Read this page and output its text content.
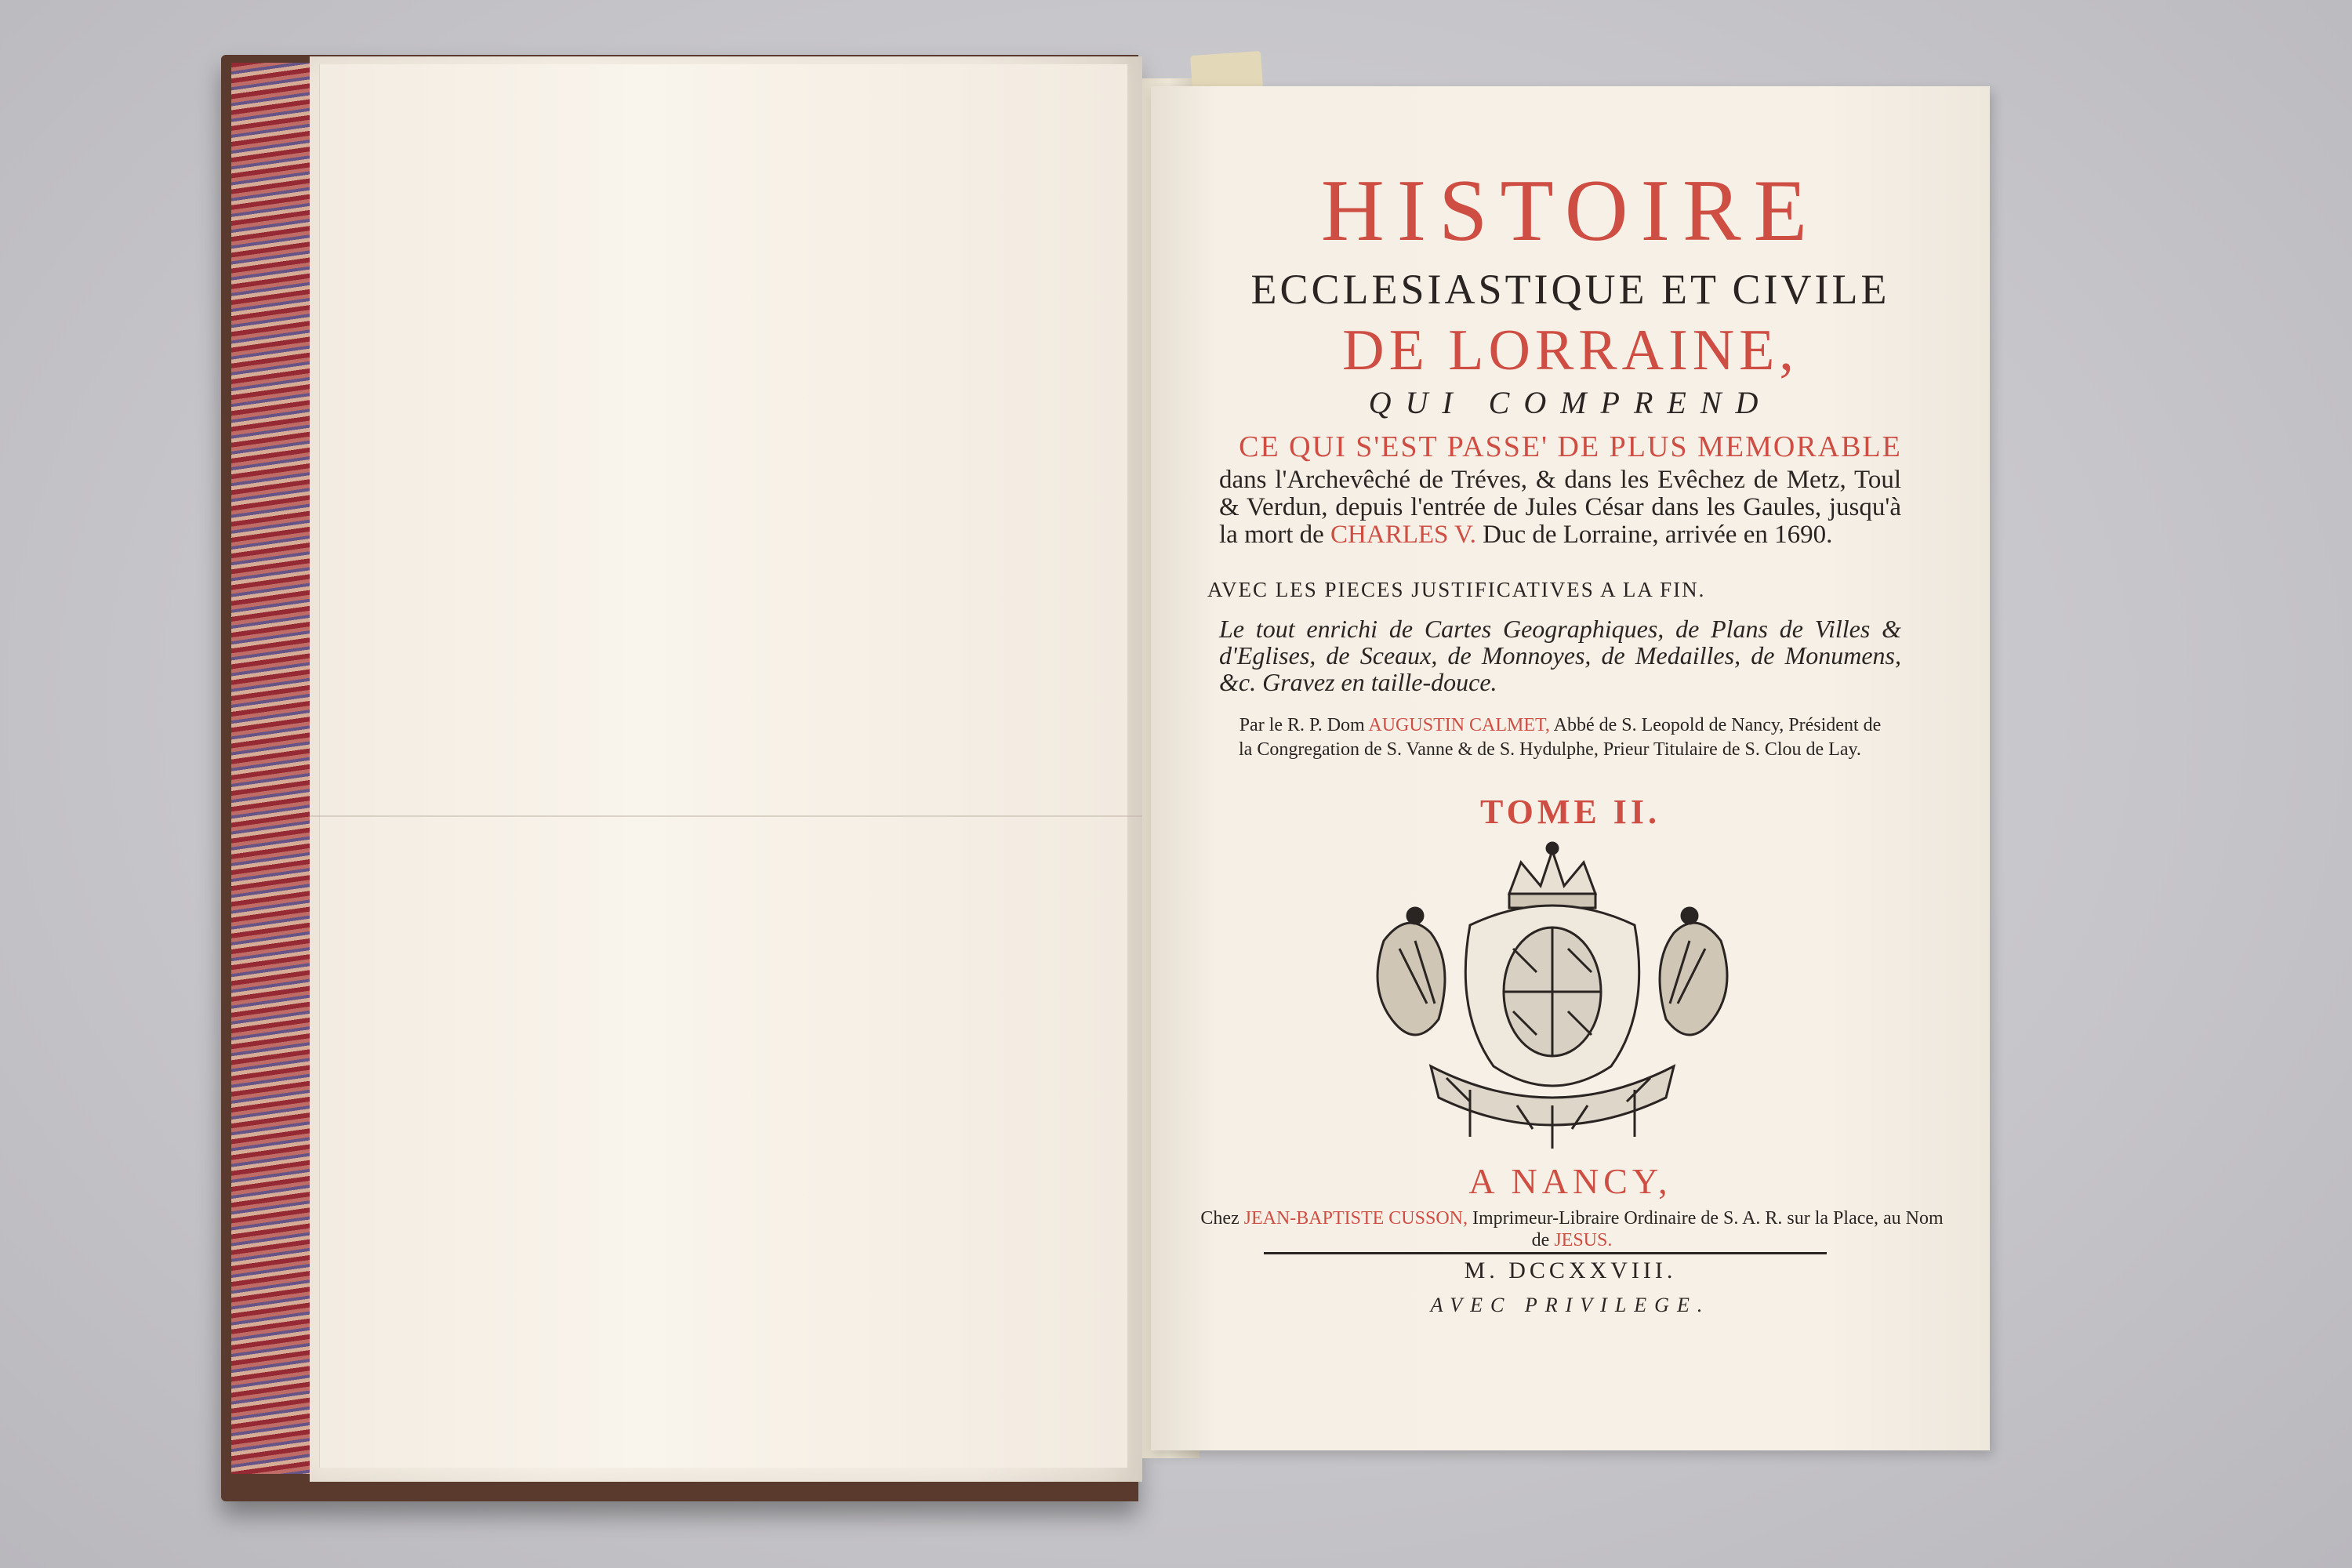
HISTOIRE

ECCLESIASTIQUE ET CIVILE

DE LORRAINE,

QUI COMPREND

CE QUI S'EST PASSE' DE PLUS MEMORABLE

dans l'Archevêché de Tréves, & dans les Evêchez de Metz, Toul & Verdun, depuis l'entrée de Jules César dans les Gaules, jusqu'à la mort de CHARLES V. Duc de Lorraine, arrivée en 1690.
AVEC LES PIECES JUSTIFICATIVES A LA FIN.
Le tout enrichi de Cartes Geographiques, de Plans de Villes & d'Eglises, de Sceaux, de Monnoyes, de Medailles, de Monumens, &c. Gravez en taille-douce.
Par le R. P. Dom AUGUSTIN CALMET, Abbé de S. Leopold de Nancy, Président de la Congregation de S. Vanne & de S. Hydulphe, Prieur Titulaire de S. Clou de Lay.

TOME II.

A NANCY,

Chez JEAN-BAPTISTE CUSSON, Imprimeur-Libraire Ordinaire de S. A. R. sur la Place, au Nom de JESUS.

M. DCCXXVIII.

AVEC PRIVILEGE.
